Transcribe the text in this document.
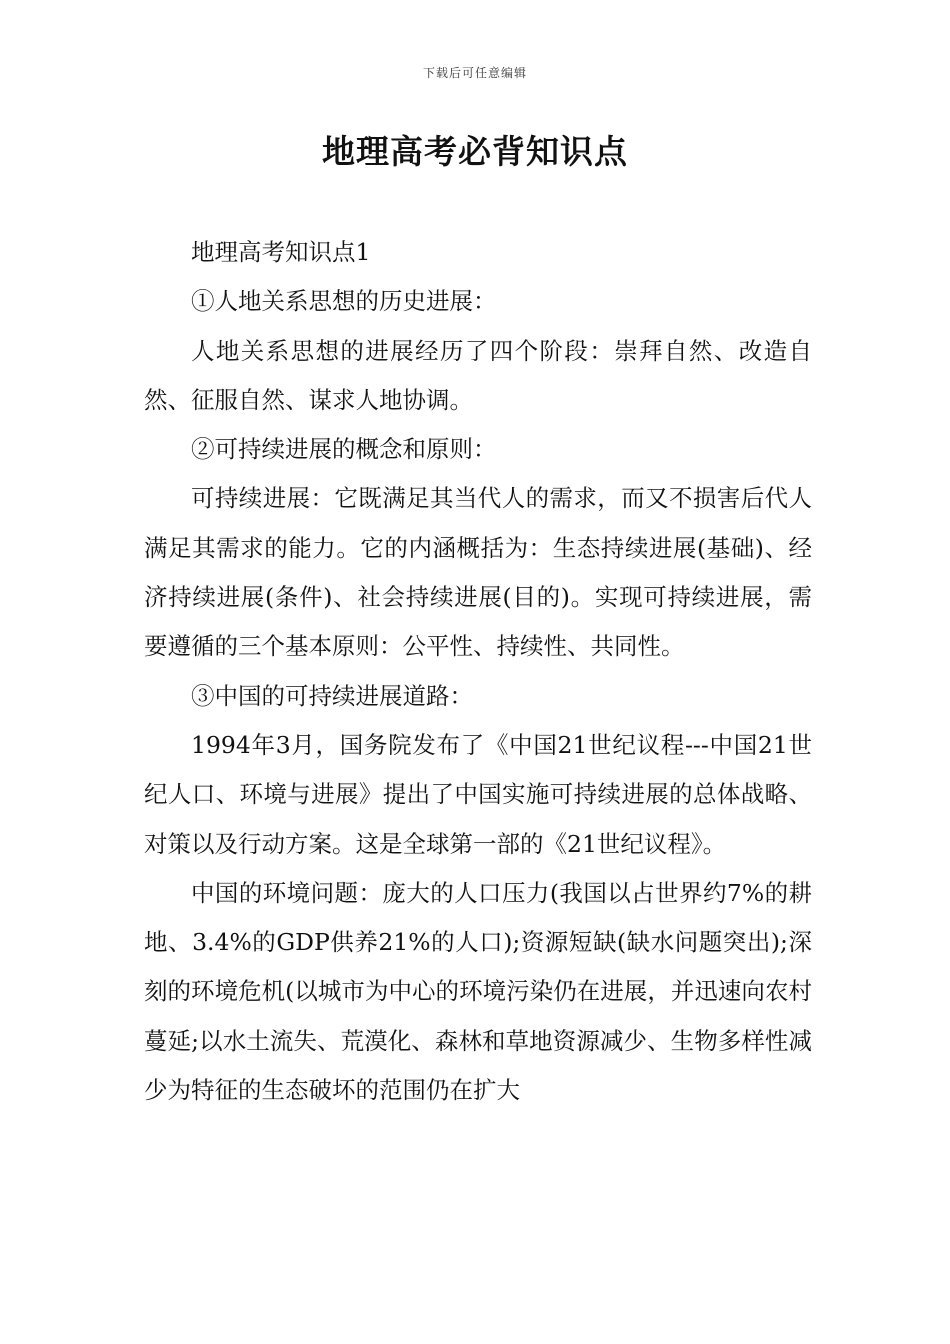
下载后可任意编辑
地理高考必背知识点

地理高考知识点1

①人地关系思想的历史进展：

人地关系思想的进展经历了四个阶段：崇拜自然、改造自然、征服自然、谋求人地协调。

②可持续进展的概念和原则：

可持续进展：它既满足其当代人的需求，而又不损害后代人满足其需求的能力。它的内涵概括为：生态持续进展(基础)、经济持续进展(条件)、社会持续进展(目的)。实现可持续进展，需要遵循的三个基本原则：公平性、持续性、共同性。

③中国的可持续进展道路：

1994年3月，国务院发布了《中国21世纪议程---中国21世纪人口、环境与进展》提出了中国实施可持续进展的总体战略、对策以及行动方案。这是全球第一部的《21世纪议程》。

中国的环境问题：庞大的人口压力(我国以占世界约7%的耕地、3.4%的GDP供养21%的人口);资源短缺(缺水问题突出);深刻的环境危机(以城市为中心的环境污染仍在进展，并迅速向农村蔓延;以水土流失、荒漠化、森林和草地资源减少、生物多样性减少为特征的生态破坏的范围仍在扩大
